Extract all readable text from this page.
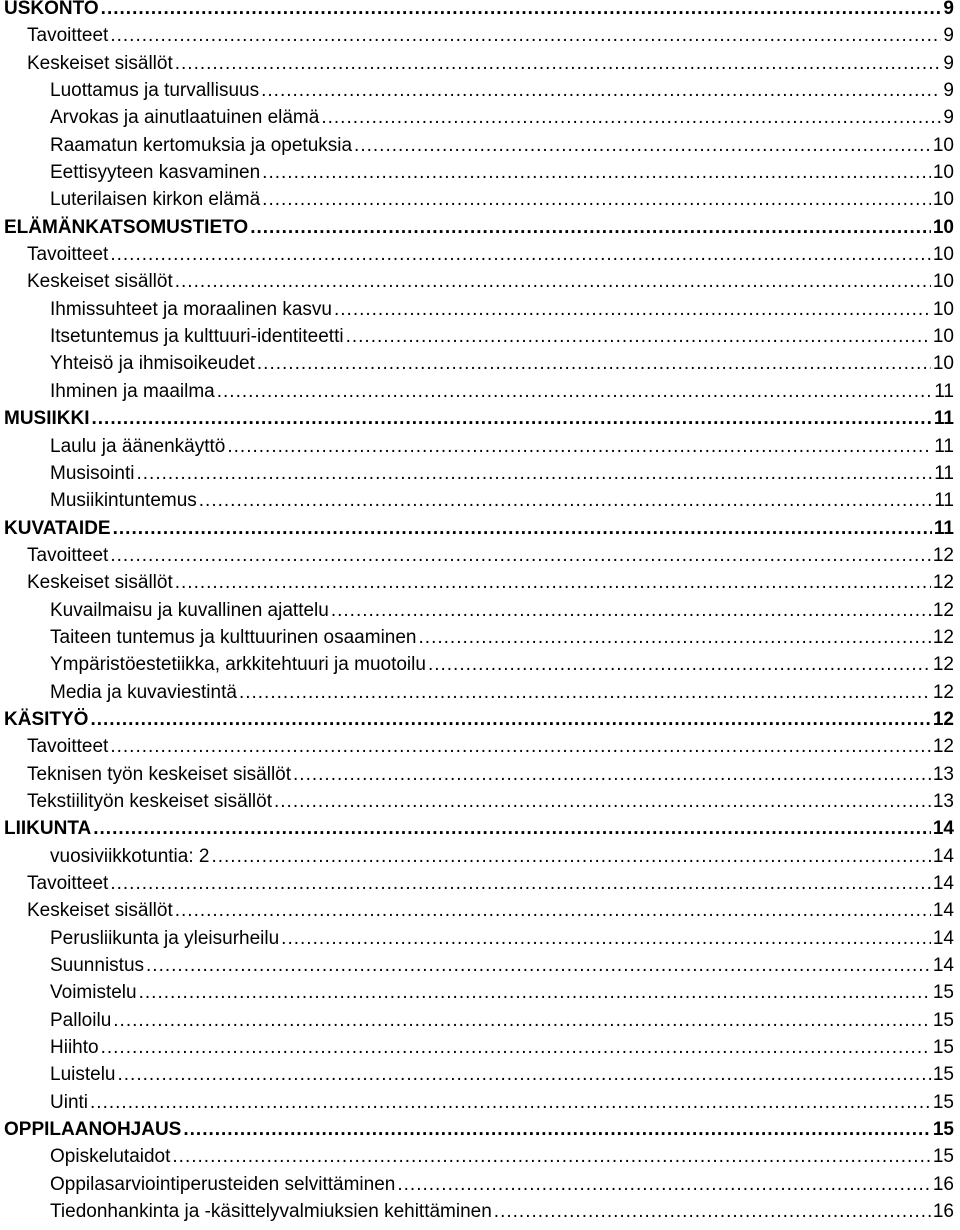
USKONTO .....	9
Tavoitteet .....	9
Keskeiset sisällöt .....	9
Luottamus ja turvallisuus .....	9
Arvokas ja ainutlaatuinen elämä .....	9
Raamatun kertomuksia ja opetuksia .....	10
Eettisyyteen kasvaminen .....	10
Luterilaisen kirkon elämä .....	10
ELÄMÄNKATSOMUSTIETO .....	10
Tavoitteet .....	10
Keskeiset sisällöt .....	10
Ihmissuhteet ja moraalinen kasvu .....	10
Itsetuntemus ja kulttuuri-identiteetti .....	10
Yhteisö ja ihmisoikeudet .....	10
Ihminen ja maailma .....	11
MUSIIKKI .....	11
Laulu ja äänenkäyttö .....	11
Musisointi .....	11
Musiikintuntemus .....	11
KUVATAIDE .....	11
Tavoitteet .....	12
Keskeiset sisällöt .....	12
Kuvailmaisu ja kuvallinen ajattelu .....	12
Taiteen tuntemus ja kulttuurinen osaaminen .....	12
Ympäristöestetiikka, arkkitehtuuri ja muotoilu .....	12
Media ja kuvaviestintä .....	12
KÄSITYÖ .....	12
Tavoitteet .....	12
Teknisen työn keskeiset sisällöt .....	13
Tekstiilityön keskeiset sisällöt .....	13
LIIKUNTA .....	14
vuosiviikkotuntia: 2 .....	14
Tavoitteet .....	14
Keskeiset sisällöt .....	14
Perusliikunta ja yleisurheilu .....	14
Suunnistus .....	14
Voimistelu .....	15
Palloilu .....	15
Hiihto .....	15
Luistelu .....	15
Uinti .....	15
OPPILAANOHJAUS .....	15
Opiskelutaidot .....	15
Oppilasarviointiperusteiden selvittäminen .....	16
Tiedonhankinta ja -käsittelyvalmiuksien kehittäminen .....	16
